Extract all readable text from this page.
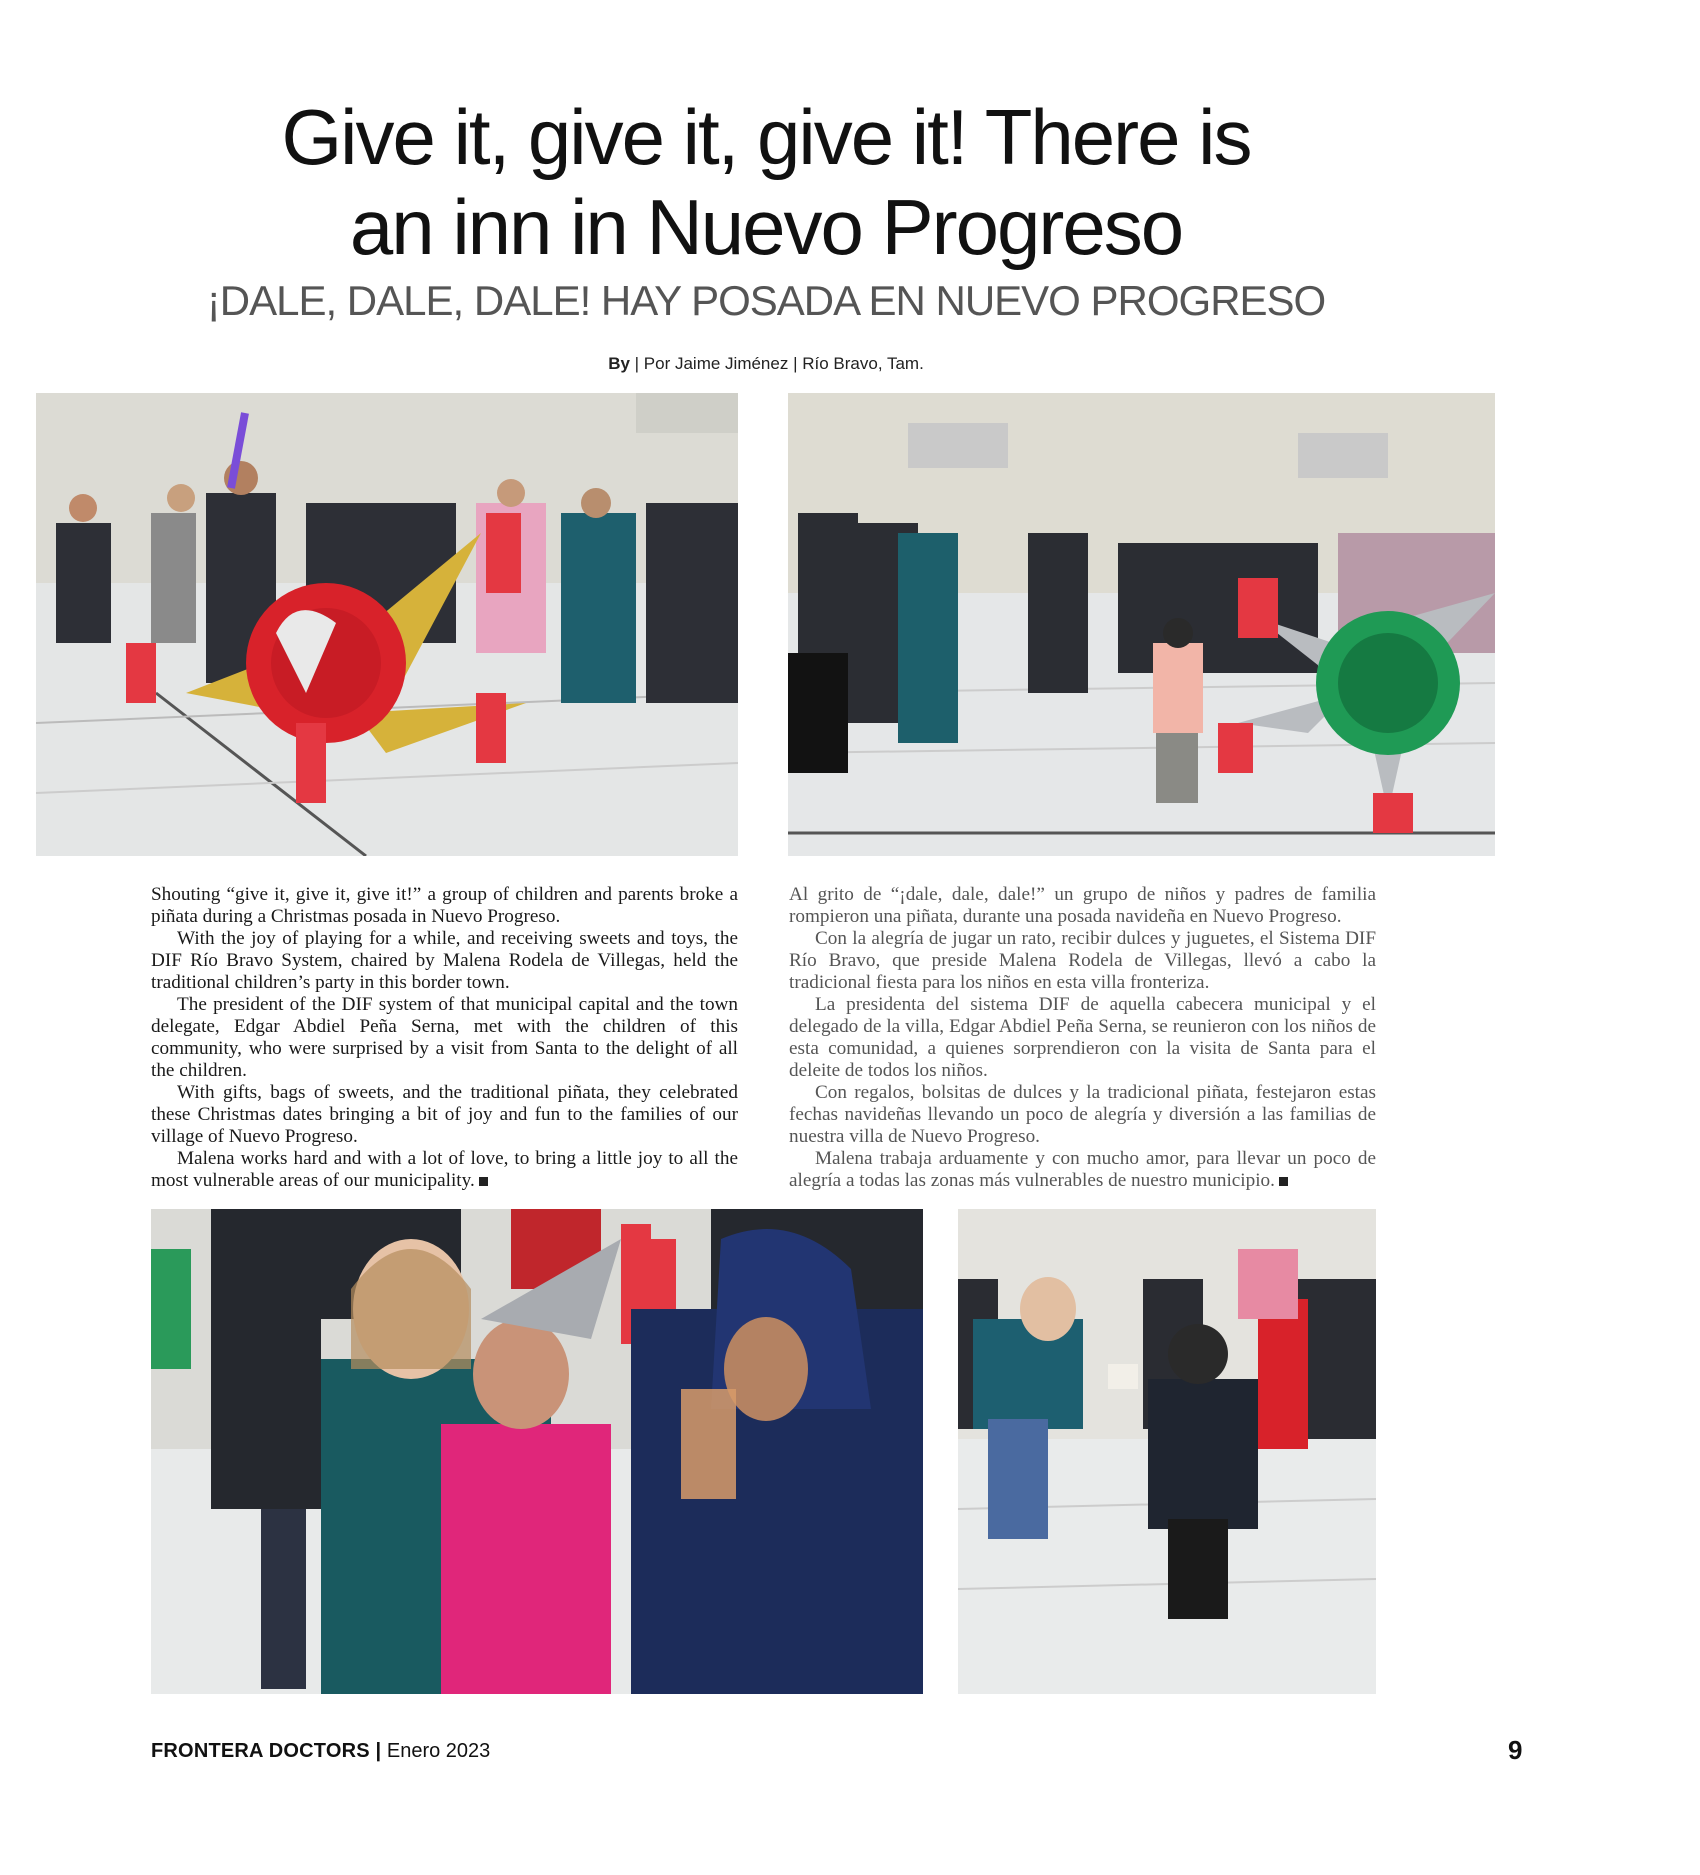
Give it, give it, give it! There is
an inn in Nuevo Progreso
¡DALE, DALE, DALE! HAY POSADA EN NUEVO PROGRESO
By | Por Jaime Jiménez | Río Bravo, Tam.

Shouting “give it, give it, give it!” a group of children and parents broke a piñata during a Christmas posada in Nuevo Progreso.

With the joy of playing for a while, and receiving sweets and toys, the DIF Río Bravo System, chaired by Malena Rodela de Villegas, held the traditional children’s party in this border town.

The president of the DIF system of that municipal capital and the town delegate, Edgar Abdiel Peña Serna, met with the children of this community, who were surprised by a visit from Santa to the delight of all the children.

With gifts, bags of sweets, and the traditional piñata, they celebrated these Christmas dates bringing a bit of joy and fun to the families of our village of Nuevo Progreso.

Malena works hard and with a lot of love, to bring a little joy to all the most vulnerable areas of our municipality.

Al grito de “¡dale, dale, dale!” un grupo de niños y padres de familia rompieron una piñata, durante una posada navideña en Nuevo Progreso.

Con la alegría de jugar un rato, recibir dulces y juguetes, el Sistema DIF Río Bravo, que preside Malena Rodela de Villegas, llevó a cabo la tradicional fiesta para los niños en esta villa fronteriza.

La presidenta del sistema DIF de aquella cabecera municipal y el delegado de la villa, Edgar Abdiel Peña Serna, se reunieron con los niños de esta comunidad, a quienes sorprendieron con la visita de Santa para el deleite de todos los niños.

Con regalos, bolsitas de dulces y la tradicional piñata, festejaron estas fechas navideñas llevando un poco de alegría y diversión a las familias de nuestra villa de Nuevo Progreso.

Malena trabaja arduamente y con mucho amor, para llevar un poco de alegría a todas las zonas más vulnerables de nuestro municipio.

FRONTERA DOCTORS | Enero 2023	9
